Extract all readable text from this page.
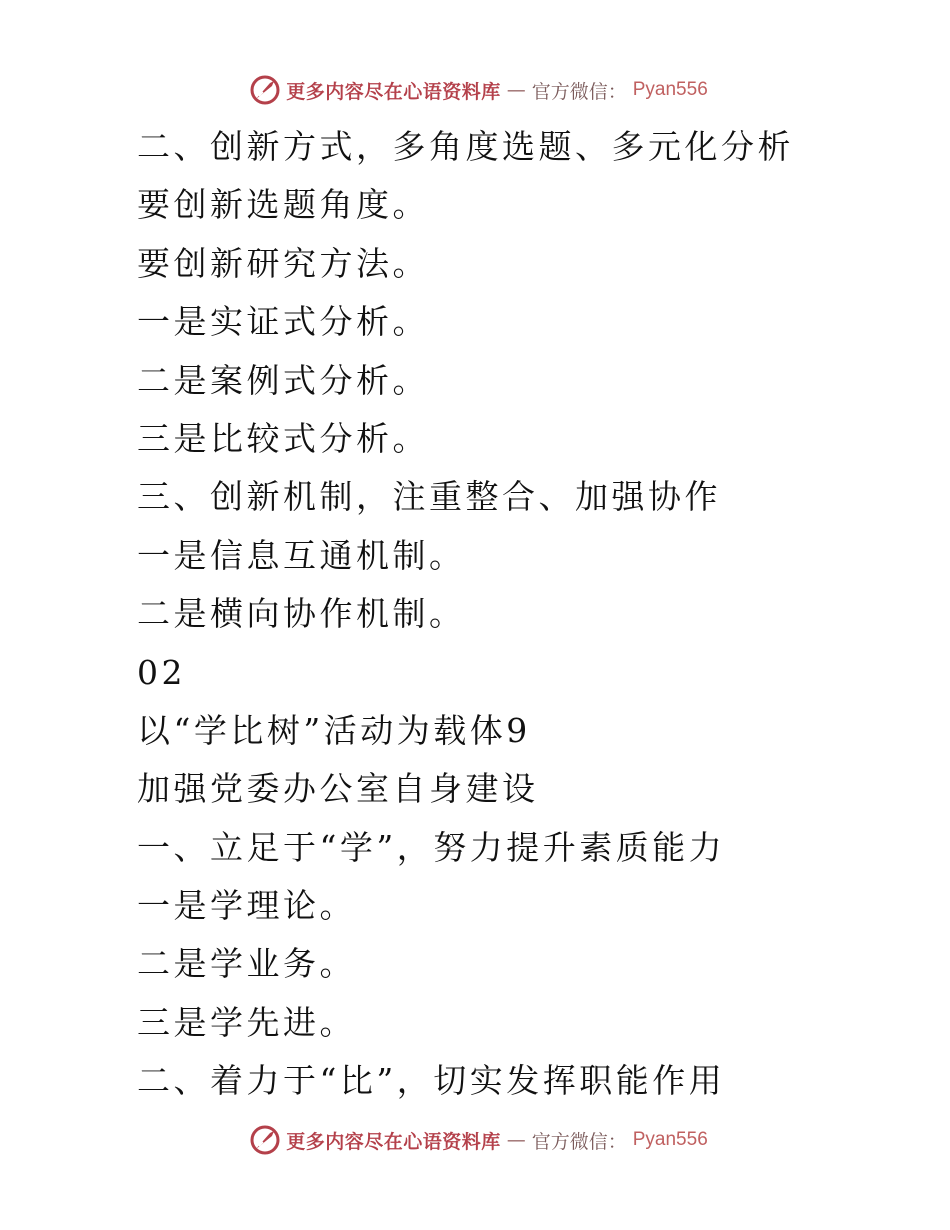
更多内容尽在心语资料库 — 官方微信： Pyan556
二、创新方式，多角度选题、多元化分析
要创新选题角度。
要创新研究方法。
一是实证式分析。
二是案例式分析。
三是比较式分析。
三、创新机制，注重整合、加强协作
一是信息互通机制。
二是横向协作机制。
02
以“学比树”活动为载体9
加强党委办公室自身建设
一、立足于“学”，努力提升素质能力
一是学理论。
二是学业务。
三是学先进。
二、着力于“比”，切实发挥职能作用
更多内容尽在心语资料库 — 官方微信： Pyan556
